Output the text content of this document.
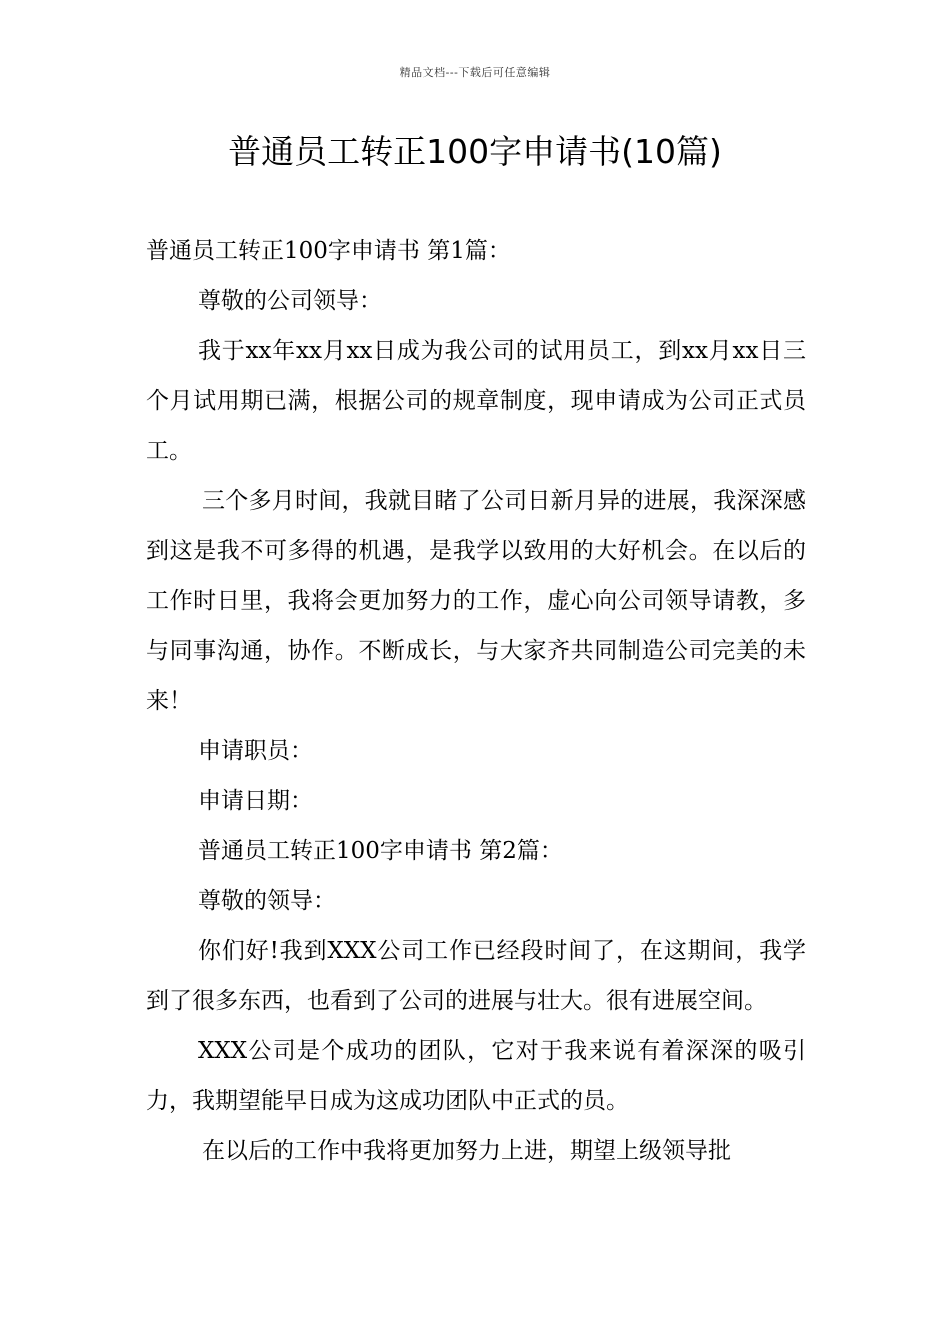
精品文档---下载后可任意编辑
普通员工转正100字申请书(10篇)

普通员工转正100字申请书 第1篇：

尊敬的公司领导：

我于xx年xx月xx日成为我公司的试用员工，到xx月xx日三个月试用期已满，根据公司的规章制度，现申请成为公司正式员工。

三个多月时间，我就目睹了公司日新月异的进展，我深深感到这是我不可多得的机遇，是我学以致用的大好机会。在以后的工作时日里，我将会更加努力的工作，虚心向公司领导请教，多与同事沟通，协作。不断成长，与大家齐共同制造公司完美的未来！

申请职员：

申请日期：

普通员工转正100字申请书 第2篇：

尊敬的领导：

你们好!我到XXX公司工作已经段时间了，在这期间，我学到了很多东西，也看到了公司的进展与壮大。很有进展空间。

XXX公司是个成功的团队，它对于我来说有着深深的吸引力，我期望能早日成为这成功团队中正式的员。

在以后的工作中我将更加努力上进，期望上级领导批
